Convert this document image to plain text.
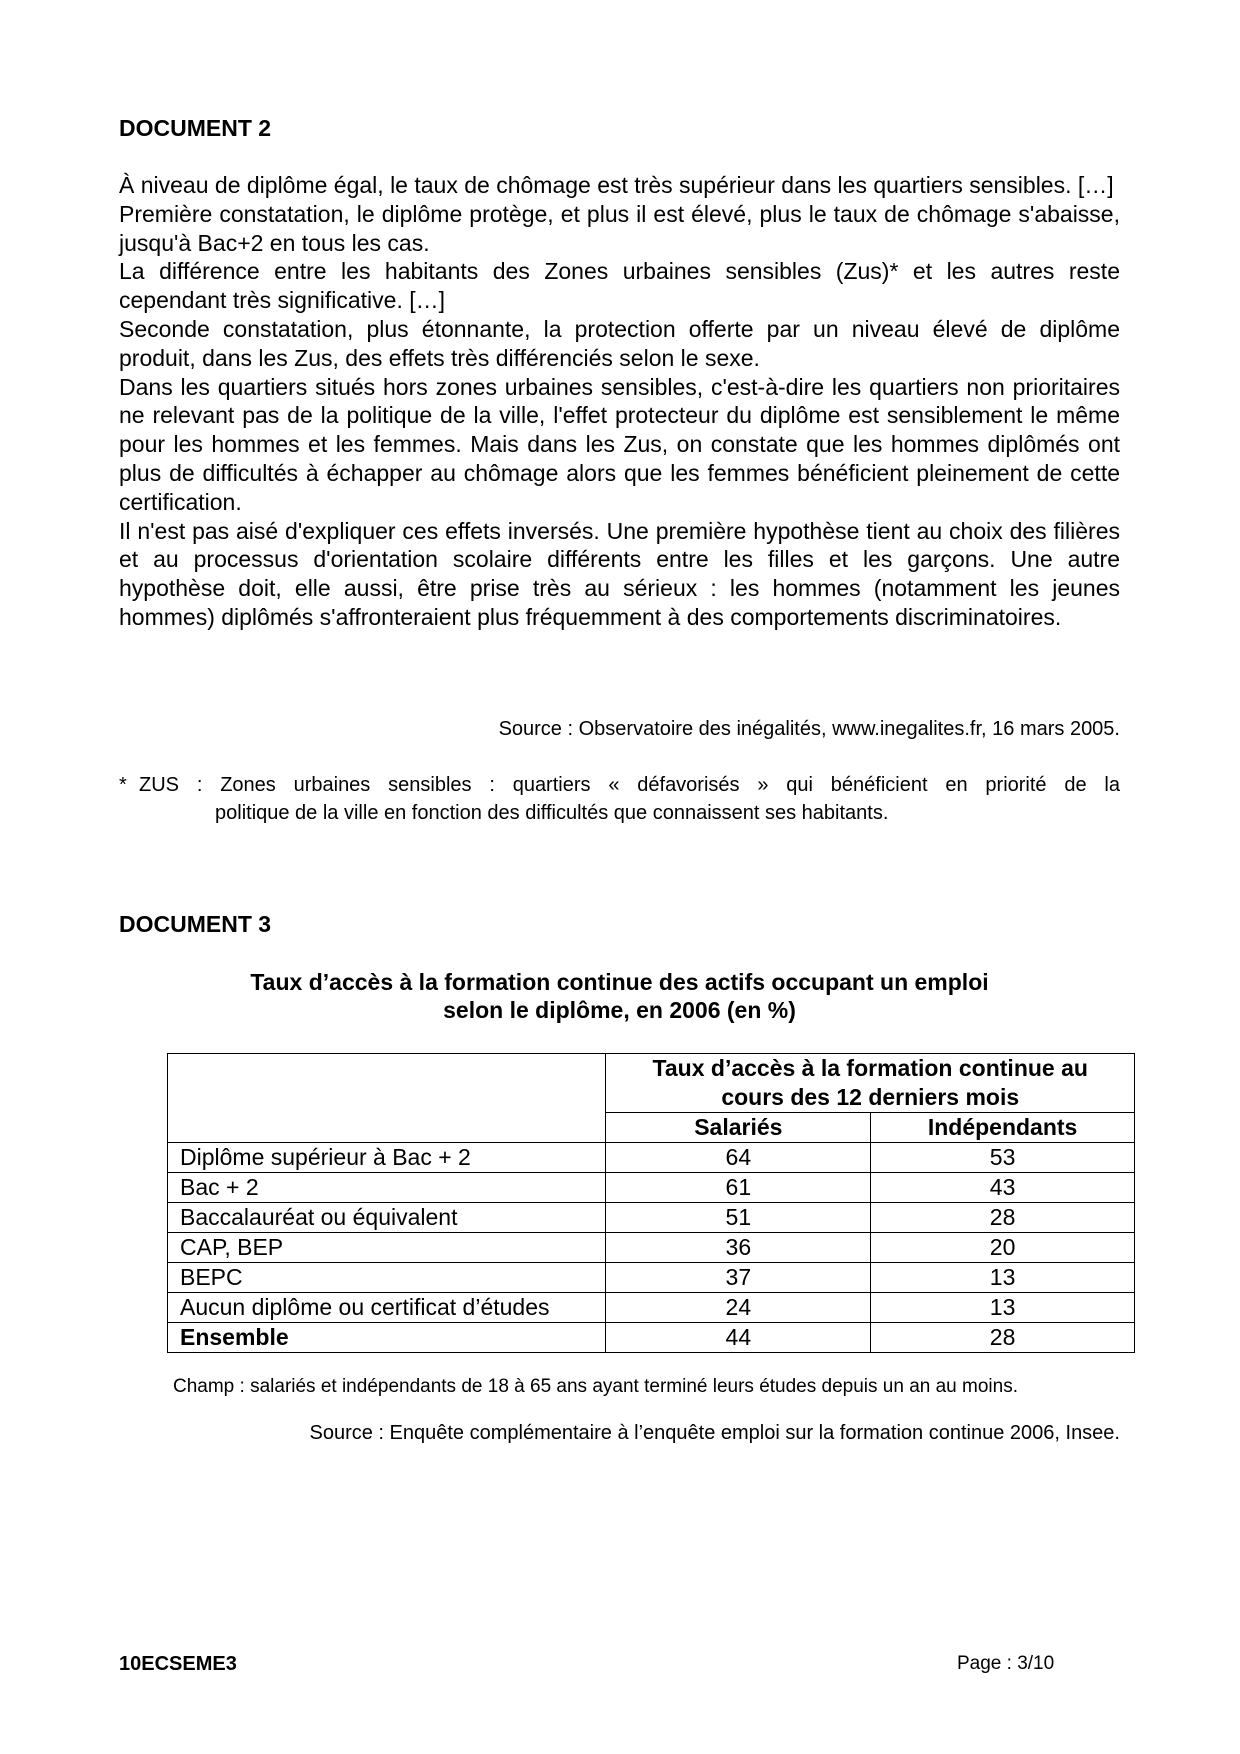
DOCUMENT 2

À niveau de diplôme égal, le taux de chômage est très supérieur dans les quartiers sensibles. […]

Première constatation, le diplôme protège, et plus il est élevé, plus le taux de chômage s'abaisse, jusqu'à Bac+2 en tous les cas.

La différence entre les habitants des Zones urbaines sensibles (Zus)* et les autres reste cependant très significative. […]

Seconde constatation, plus étonnante, la protection offerte par un niveau élevé de diplôme produit, dans les Zus, des effets très différenciés selon le sexe.

Dans les quartiers situés hors zones urbaines sensibles, c'est-à-dire les quartiers non prioritaires ne relevant pas de la politique de la ville, l'effet protecteur du diplôme est sensiblement le même pour les hommes et les femmes. Mais dans les Zus, on constate que les hommes diplômés ont plus de difficultés à échapper au chômage alors que les femmes bénéficient pleinement de cette certification.

Il n'est pas aisé d'expliquer ces effets inversés. Une première hypothèse tient au choix des filières et au processus d'orientation scolaire différents entre les filles et les garçons. Une autre hypothèse doit, elle aussi, être prise très au sérieux : les hommes (notamment les jeunes hommes) diplômés s'affronteraient plus fréquemment à des comportements discriminatoires.

Source : Observatoire des inégalités, www.inegalites.fr, 16 mars 2005.
* ZUS : Zones urbaines sensibles : quartiers « défavorisés » qui bénéficient en priorité de la
politique de la ville en fonction des difficultés que connaissent ses habitants.
DOCUMENT 3
Taux d’accès à la formation continue des actifs occupant un emploi
selon le diplôme, en 2006 (en %)

	Taux d’accès à la formation continue au
cours des 12 derniers mois	

	Salariés	Indépendants
Diplôme supérieur à Bac + 2	64	53
Bac + 2	61	43
Baccalauréat ou équivalent	51	28
CAP, BEP	36	20
BEPC	37	13
Aucun diplôme ou certificat d’études	24	13
Ensemble	44	28
Champ : salariés et indépendants de 18 à 65 ans ayant terminé leurs études depuis un an au moins.
Source : Enquête complémentaire à l’enquête emploi sur la formation continue 2006, Insee.
10ECSEME3	Page : 3/10
